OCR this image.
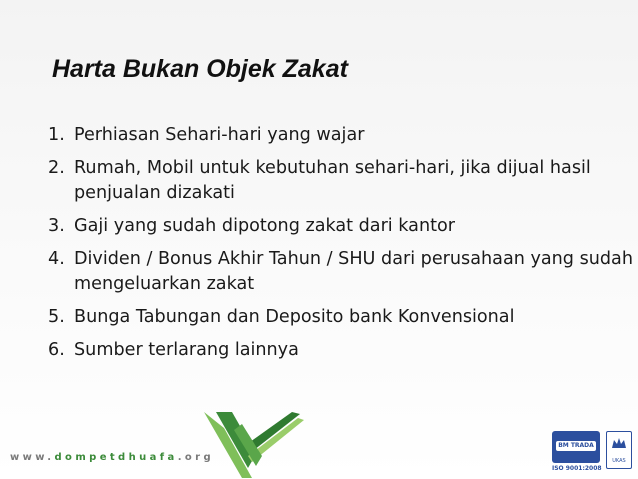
Harta Bukan Objek Zakat
1. Perhiasan Sehari-hari yang wajar
2. Rumah, Mobil untuk kebutuhan sehari-hari, jika dijual hasil penjualan dizakati
3. Gaji yang sudah dipotong zakat dari kantor
4. Dividen / Bonus Akhir Tahun / SHU dari perusahaan yang sudah mengeluarkan zakat
5. Bunga Tabungan dan Deposito bank Konvensional
6. Sumber terlarang lainnya
www.dompetdhuafa.org
BM TRADA
UKAS
ISO 9001:2008
